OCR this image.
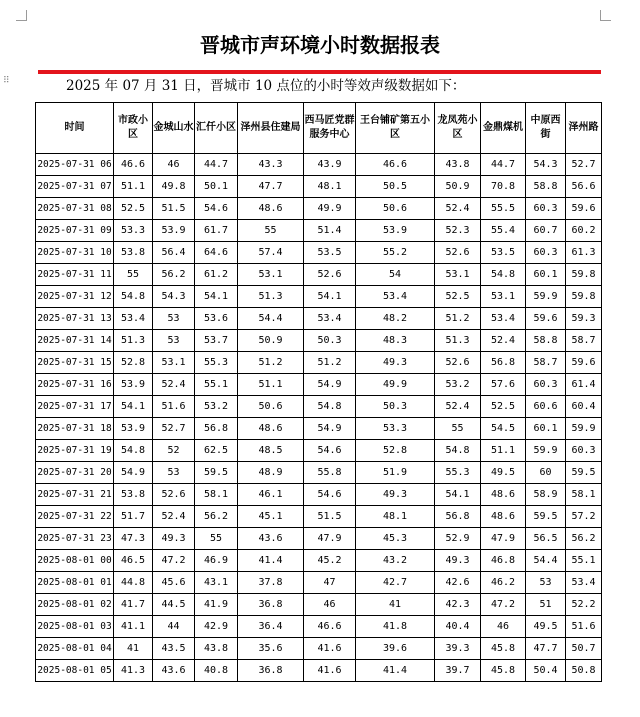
⠿
晋城市声环境小时数据报表
2025 年 07 月 31 日，晋城市 10 点位的小时等效声级数据如下：
时间	市政小区	金城山水	汇仟小区	泽州县住建局	西马匠党群服务中心	王台铺矿第五小区	龙凤苑小区	金鼎煤机	中原西街	泽州路
2025-07-31 06	46.6	46	44.7	43.3	43.9	46.6	43.8	44.7	54.3	52.7
2025-07-31 07	51.1	49.8	50.1	47.7	48.1	50.5	50.9	70.8	58.8	56.6
2025-07-31 08	52.5	51.5	54.6	48.6	49.9	50.6	52.4	55.5	60.3	59.6
2025-07-31 09	53.3	53.9	61.7	55	51.4	53.9	52.3	55.4	60.7	60.2
2025-07-31 10	53.8	56.4	64.6	57.4	53.5	55.2	52.6	53.5	60.3	61.3
2025-07-31 11	55	56.2	61.2	53.1	52.6	54	53.1	54.8	60.1	59.8
2025-07-31 12	54.8	54.3	54.1	51.3	54.1	53.4	52.5	53.1	59.9	59.8
2025-07-31 13	53.4	53	53.6	54.4	53.4	48.2	51.2	53.4	59.6	59.3
2025-07-31 14	51.3	53	53.7	50.9	50.3	48.3	51.3	52.4	58.8	58.7
2025-07-31 15	52.8	53.1	55.3	51.2	51.2	49.3	52.6	56.8	58.7	59.6
2025-07-31 16	53.9	52.4	55.1	51.1	54.9	49.9	53.2	57.6	60.3	61.4
2025-07-31 17	54.1	51.6	53.2	50.6	54.8	50.3	52.4	52.5	60.6	60.4
2025-07-31 18	53.9	52.7	56.8	48.6	54.9	53.3	55	54.5	60.1	59.9
2025-07-31 19	54.8	52	62.5	48.5	54.6	52.8	54.8	51.1	59.9	60.3
2025-07-31 20	54.9	53	59.5	48.9	55.8	51.9	55.3	49.5	60	59.5
2025-07-31 21	53.8	52.6	58.1	46.1	54.6	49.3	54.1	48.6	58.9	58.1
2025-07-31 22	51.7	52.4	56.2	45.1	51.5	48.1	56.8	48.6	59.5	57.2
2025-07-31 23	47.3	49.3	55	43.6	47.9	45.3	52.9	47.9	56.5	56.2
2025-08-01 00	46.5	47.2	46.9	41.4	45.2	43.2	49.3	46.8	54.4	55.1
2025-08-01 01	44.8	45.6	43.1	37.8	47	42.7	42.6	46.2	53	53.4
2025-08-01 02	41.7	44.5	41.9	36.8	46	41	42.3	47.2	51	52.2
2025-08-01 03	41.1	44	42.9	36.4	46.6	41.8	40.4	46	49.5	51.6
2025-08-01 04	41	43.5	43.8	35.6	41.6	39.6	39.3	45.8	47.7	50.7
2025-08-01 05	41.3	43.6	40.8	36.8	41.6	41.4	39.7	45.8	50.4	50.8
